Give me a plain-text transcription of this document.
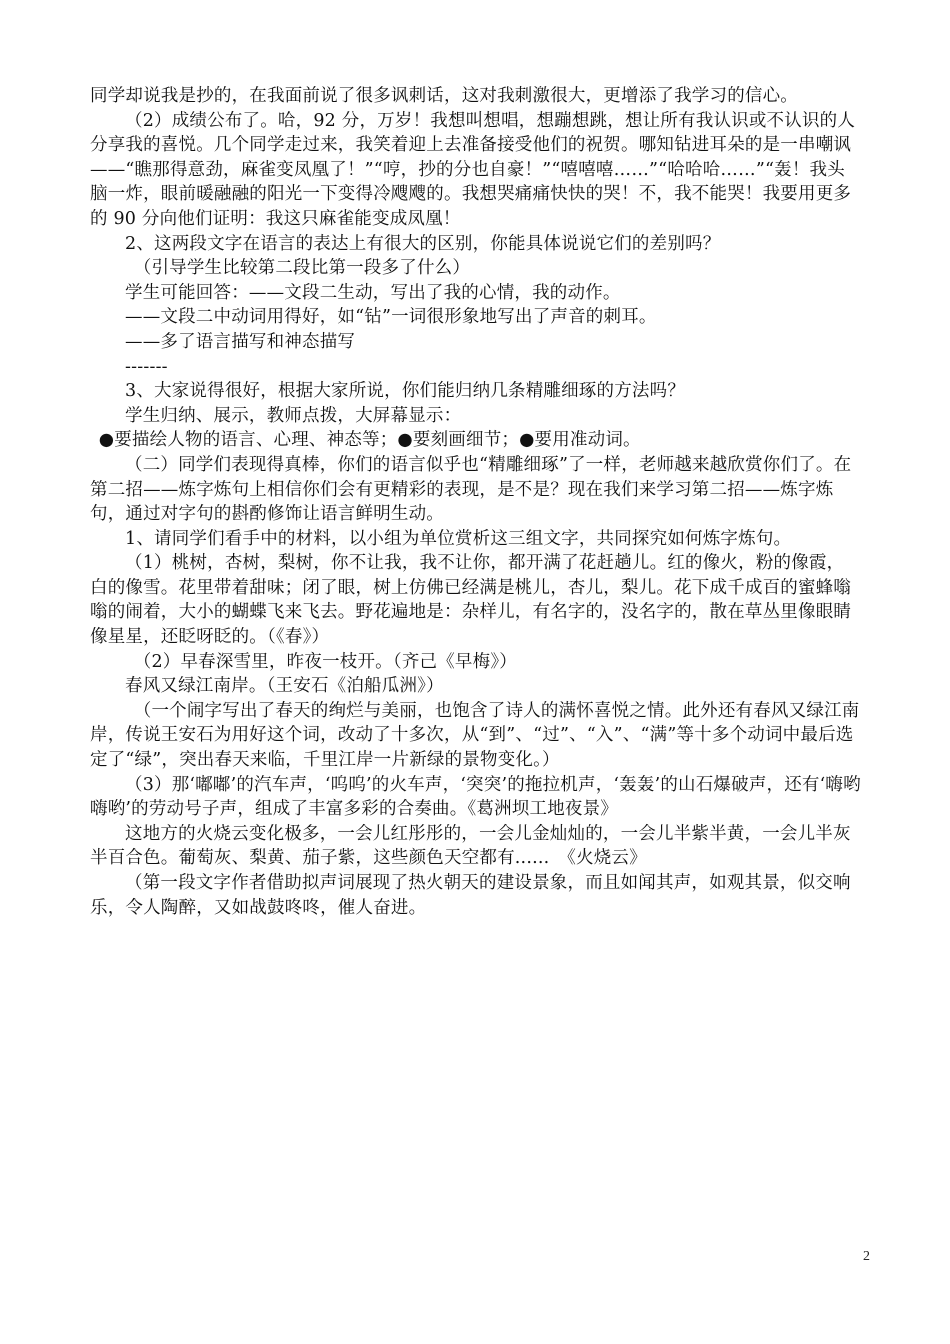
同学却说我是抄的，在我面前说了很多讽刺话，这对我刺激很大，更增添了我学习的信心。

（2）成绩公布了。哈，92 分，万岁！我想叫想唱，想蹦想跳，想让所有我认识或不认识的人分享我的喜悦。几个同学走过来，我笑着迎上去准备接受他们的祝贺。哪知钻进耳朵的是一串嘲讽——“瞧那得意劲，麻雀变凤凰了！”“哼，抄的分也自豪！”“嘻嘻嘻……”“哈哈哈……”“轰！我头脑一炸，眼前暖融融的阳光一下变得冷飕飕的。我想哭痛痛快快的哭！不，我不能哭！我要用更多的 90 分向他们证明：我这只麻雀能变成凤凰！

2、这两段文字在语言的表达上有很大的区别，你能具体说说它们的差别吗？

（引导学生比较第二段比第一段多了什么）

学生可能回答：——文段二生动，写出了我的心情，我的动作。

——文段二中动词用得好，如“钻”一词很形象地写出了声音的刺耳。

——多了语言描写和神态描写

-------

3、大家说得很好，根据大家所说，你们能归纳几条精雕细琢的方法吗？

学生归纳、展示，教师点拨，大屏幕显示：

●要描绘人物的语言、心理、神态等；●要刻画细节；●要用准动词。

（二）同学们表现得真棒，你们的语言似乎也“精雕细琢”了一样，老师越来越欣赏你们了。在第二招——炼字炼句上相信你们会有更精彩的表现，是不是？现在我们来学习第二招——炼字炼句，通过对字句的斟酌修饰让语言鲜明生动。

1、请同学们看手中的材料，以小组为单位赏析这三组文字，共同探究如何炼字炼句。

（1）桃树，杏树，梨树，你不让我，我不让你，都开满了花赶趟儿。红的像火，粉的像霞，白的像雪。花里带着甜味；闭了眼，树上仿佛已经满是桃儿，杏儿，梨儿。花下成千成百的蜜蜂嗡嗡的闹着，大小的蝴蝶飞来飞去。野花遍地是：杂样儿，有名字的，没名字的，散在草丛里像眼睛像星星，还眨呀眨的。（《春》）

（2）早春深雪里，昨夜一枝开。（齐己《早梅》）

春风又绿江南岸。（王安石《泊船瓜洲》）

（一个闹字写出了春天的绚烂与美丽，也饱含了诗人的满怀喜悦之情。此外还有春风又绿江南岸，传说王安石为用好这个词，改动了十多次，从“到”、“过”、“入”、“满”等十多个动词中最后选定了“绿”，突出春天来临，千里江岸一片新绿的景物变化。）

（3）那‘嘟嘟’的汽车声，‘呜呜’的火车声，‘突突’的拖拉机声，‘轰轰’的山石爆破声，还有‘嗨哟嗨哟’的劳动号子声，组成了丰富多彩的合奏曲。《葛洲坝工地夜景》

这地方的火烧云变化极多，一会儿红彤彤的，一会儿金灿灿的，一会儿半紫半黄，一会儿半灰半百合色。葡萄灰、梨黄、茄子紫，这些颜色天空都有......　《火烧云》

（第一段文字作者借助拟声词展现了热火朝天的建设景象，而且如闻其声，如观其景，似交响乐，令人陶醉，又如战鼓咚咚，催人奋进。

2
